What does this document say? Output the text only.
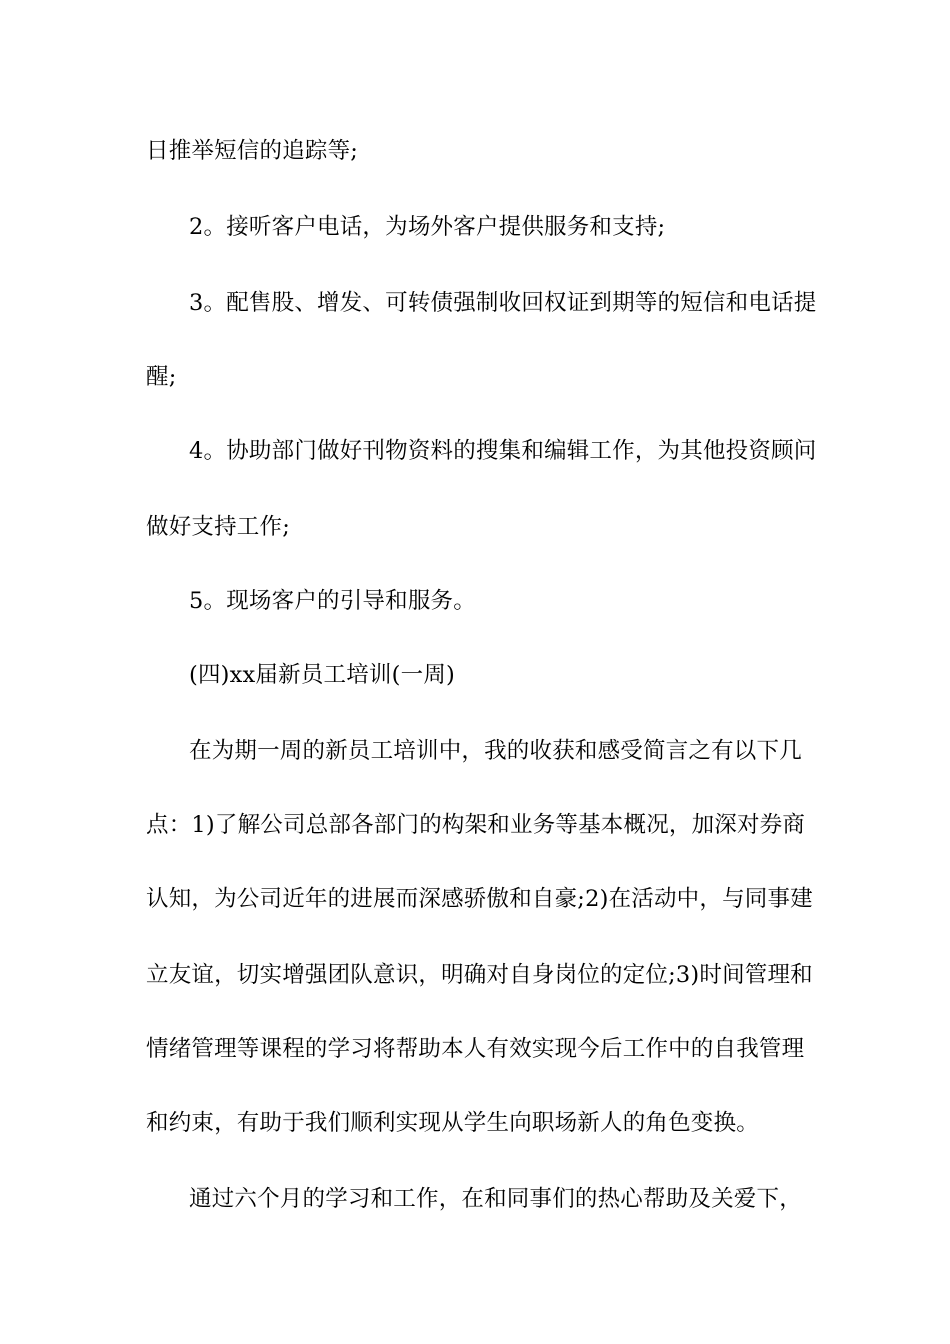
日推举短信的追踪等;
2。接听客户电话，为场外客户提供服务和支持;
3。配售股、增发、可转债强制收回权证到期等的短信和电话提
醒;
4。协助部门做好刊物资料的搜集和编辑工作，为其他投资顾问
做好支持工作;
5。现场客户的引导和服务。
(四)xx届新员工培训(一周)
在为期一周的新员工培训中，我的收获和感受简言之有以下几
点：1)了解公司总部各部门的构架和业务等基本概况，加深对券商
认知，为公司近年的进展而深感骄傲和自豪;2)在活动中，与同事建
立友谊，切实增强团队意识，明确对自身岗位的定位;3)时间管理和
情绪管理等课程的学习将帮助本人有效实现今后工作中的自我管理
和约束，有助于我们顺利实现从学生向职场新人的角色变换。
通过六个月的学习和工作，在和同事们的热心帮助及关爱下，
